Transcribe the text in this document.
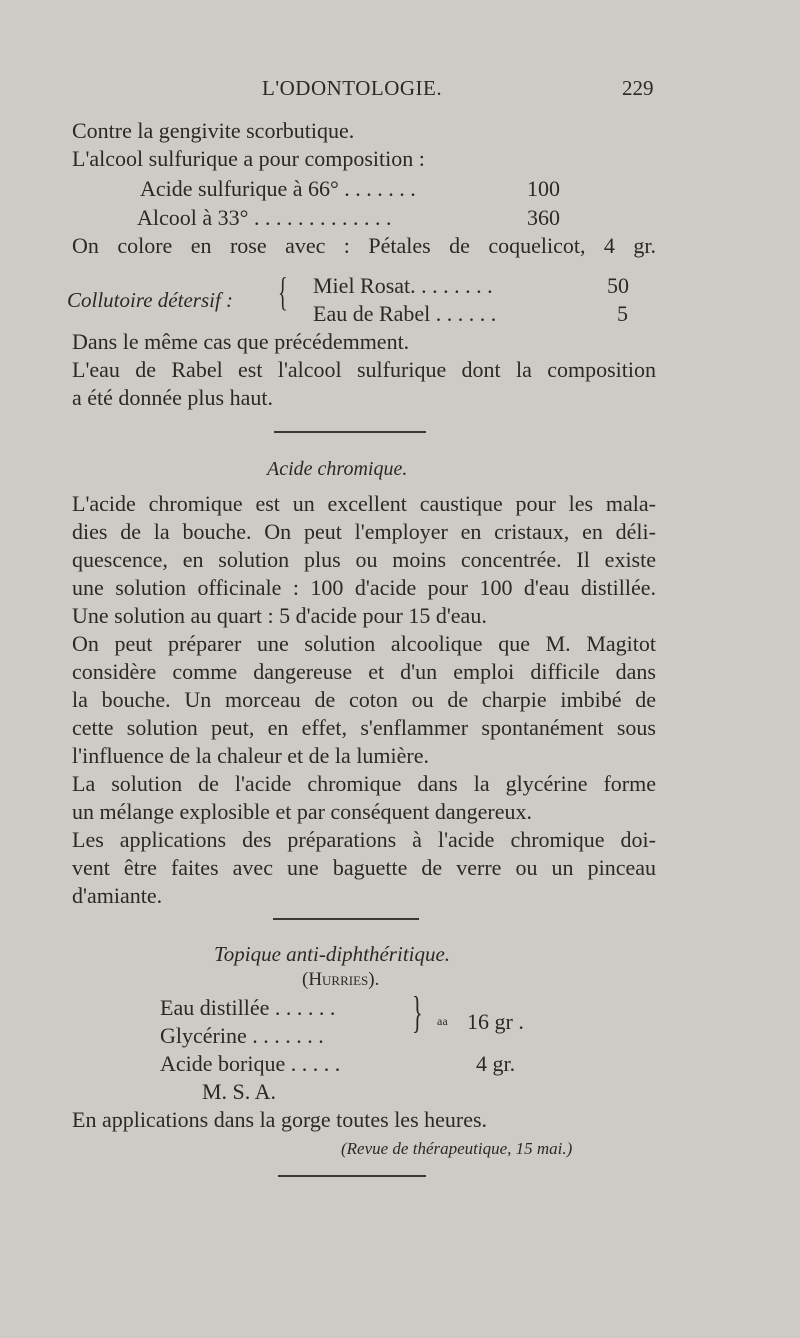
L'ODONTOLOGIE.	229
Contre la gengivite scorbutique.
L'alcool sulfurique a pour composition :
Acide sulfurique à 66° . . . . . . .	100
Alcool à 33° . . . . . . . . . . . . .	360

On colore en rose avec : Pétales de coquelicot, 4 gr.

Collutoire détersif : { Miel Rosat. . . . . . . .	50
Eau de Rabel . . . . . .	5
Dans le même cas que précédemment.

L'eau de Rabel est l'alcool sulfurique dont la composition

a été donnée plus haut.
Acide chromique.

L'acide chromique est un excellent caustique pour les mala-

dies de la bouche. On peut l'employer en cristaux, en déli-

quescence, en solution plus ou moins concentrée. Il existe

une solution officinale : 100 d'acide pour 100 d'eau distillée.

Une solution au quart : 5 d'acide pour 15 d'eau.

On peut préparer une solution alcoolique que M. Magitot

considère comme dangereuse et d'un emploi difficile dans

la bouche. Un morceau de coton ou de charpie imbibé de

cette solution peut, en effet, s'enflammer spontanément sous

l'influence de la chaleur et de la lumière.

La solution de l'acide chromique dans la glycérine forme

un mélange explosible et par conséquent dangereux.

Les applications des préparations à l'acide chromique doi-

vent être faites avec une baguette de verre ou un pinceau

d'amiante.

Topique anti-diphthéritique.
(Hurries).
Eau distillée . . . . . .
Glycérine . . . . . . . } aa 16 gr .
Acide borique . . . . .	4 gr.
M. S. A.
En applications dans la gorge toutes les heures.
(Revue de thérapeutique, 15 mai.)
